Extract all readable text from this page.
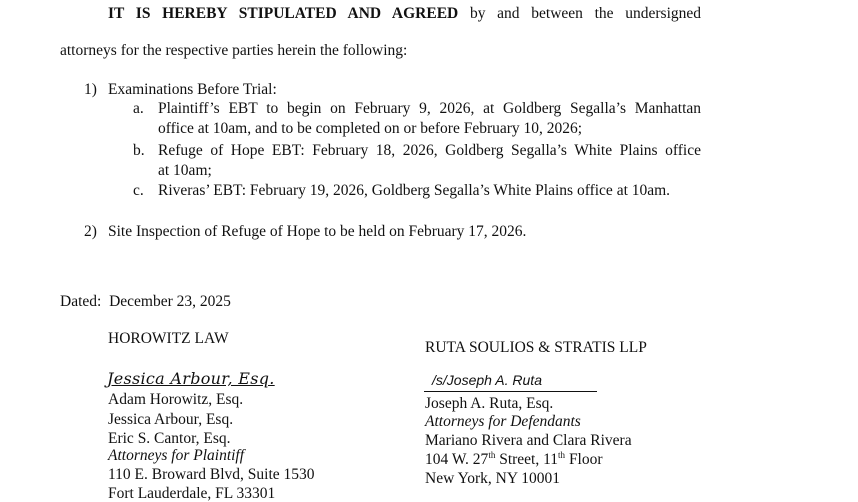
IT IS HEREBY STIPULATED AND AGREED by and between the undersigned
attorneys for the respective parties herein the following:
1) Examinations Before Trial:
a. Plaintiff’s EBT to begin on February 9, 2026, at Goldberg Segalla’s Manhattan
office at 10am, and to be completed on or before February 10, 2026;
b. Refuge of Hope EBT: February 18, 2026, Goldberg Segalla’s White Plains office
at 10am;
c. Riveras’ EBT: February 19, 2026, Goldberg Segalla’s White Plains office at 10am.
2) Site Inspection of Refuge of Hope to be held on February 17, 2026.
Dated:  December 23, 2025
HOROWITZ LAW
Jessica Arbour, Esq.
Adam Horowitz, Esq.
Jessica Arbour, Esq.
Eric S. Cantor, Esq.
Attorneys for Plaintiff
110 E. Broward Blvd, Suite 1530
Fort Lauderdale, FL 33301
RUTA SOULIOS & STRATIS LLP
/s/Joseph A. Ruta
Joseph A. Ruta, Esq.
Attorneys for Defendants
Mariano Rivera and Clara Rivera
104 W. 27th Street, 11th Floor
New York, NY 10001
